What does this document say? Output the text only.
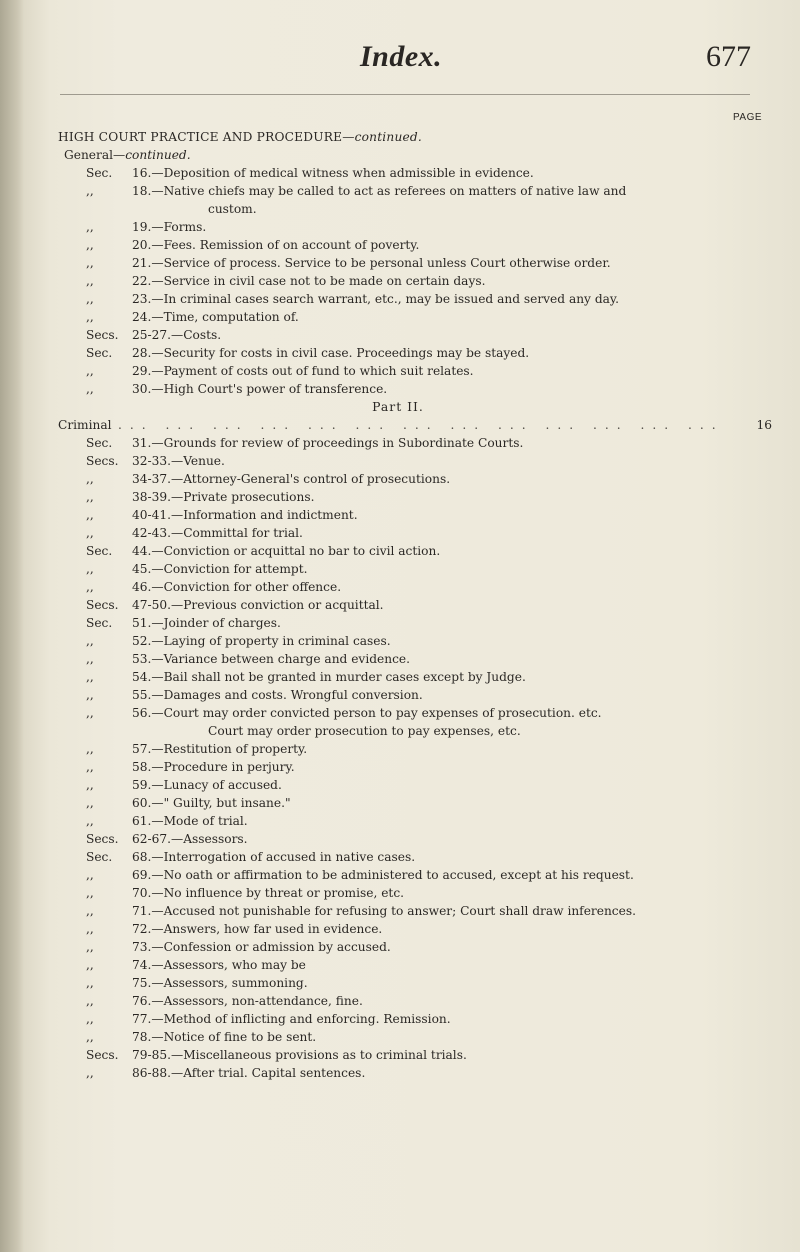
Index.	677
PAGE
HIGH COURT PRACTICE AND PROCEDURE—continued.
General—continued.
Sec. 16.—Deposition of medical witness when admissible in evidence.
,,	18.—Native chiefs may be called to act as referees on matters of native law and
custom.
,,	19.—Forms.
,,	20.—Fees. Remission of on account of poverty.
,,	21.—Service of process. Service to be personal unless Court otherwise order.
,,	22.—Service in civil case not to be made on certain days.
,,	23.—In criminal cases search warrant, etc., may be issued and served any day.
,,	24.—Time, computation of.
Secs. 25-27.—Costs.
Sec. 28.—Security for costs in civil case. Proceedings may be stayed.
,,	29.—Payment of costs out of fund to which suit relates.
,,	30.—High Court's power of transference.
Part II.
Criminal ... ... ... ... ... ... ... ... ... ... ... ... ...	16
Sec. 31.—Grounds for review of proceedings in Subordinate Courts.
Secs. 32-33.—Venue.
,,	34-37.—Attorney-General's control of prosecutions.
,,	38-39.—Private prosecutions.
,,	40-41.—Information and indictment.
,,	42-43.—Committal for trial.
Sec. 44.—Conviction or acquittal no bar to civil action.
,,	45.—Conviction for attempt.
,,	46.—Conviction for other offence.
Secs. 47-50.—Previous conviction or acquittal.
Sec. 51.—Joinder of charges.
,,	52.—Laying of property in criminal cases.
,,	53.—Variance between charge and evidence.
,,	54.—Bail shall not be granted in murder cases except by Judge.
,,	55.—Damages and costs. Wrongful conversion.
,,	56.—Court may order convicted person to pay expenses of prosecution. etc.
Court may order prosecution to pay expenses, etc.
,,	57.—Restitution of property.
,,	58.—Procedure in perjury.
,,	59.—Lunacy of accused.
,,	60.—" Guilty, but insane."
,,	61.—Mode of trial.
Secs. 62-67.—Assessors.
Sec. 68.—Interrogation of accused in native cases.
,,	69.—No oath or affirmation to be administered to accused, except at his request.
,,	70.—No influence by threat or promise, etc.
,,	71.—Accused not punishable for refusing to answer; Court shall draw inferences.
,,	72.—Answers, how far used in evidence.
,,	73.—Confession or admission by accused.
,,	74.—Assessors, who may be
,,	75.—Assessors, summoning.
,,	76.—Assessors, non-attendance, fine.
,,	77.—Method of inflicting and enforcing. Remission.
,,	78.—Notice of fine to be sent.
Secs. 79-85.—Miscellaneous provisions as to criminal trials.
,,	86-88.—After trial. Capital sentences.
